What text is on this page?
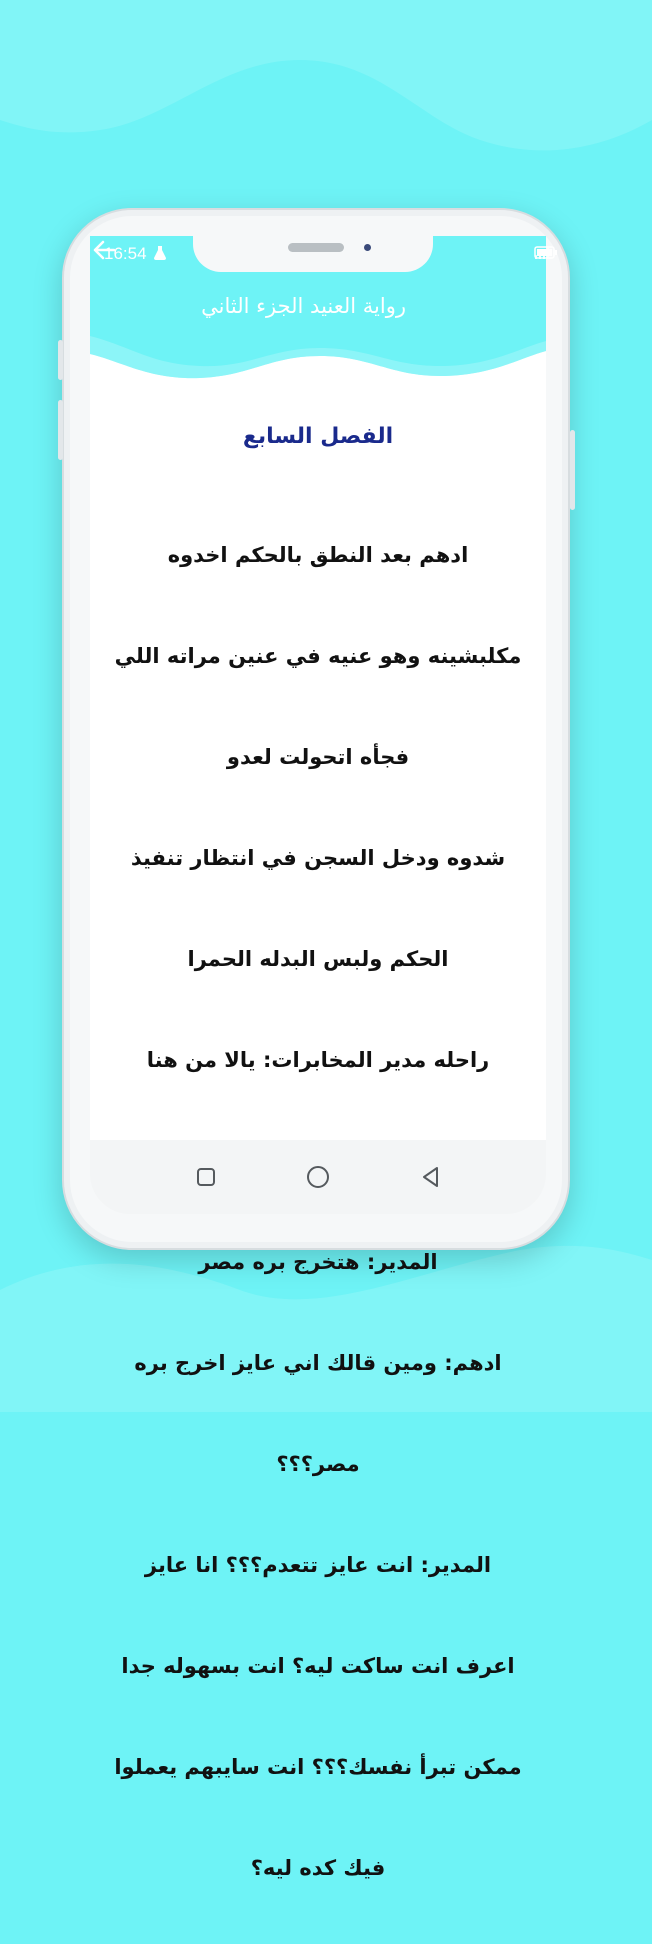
16:54
رواية العنيد الجزء الثاني
الفصل السابع

ادهم بعد النطق بالحكم اخدوه

مكلبشينه وهو عنيه في عنين مراته اللي

فجأه اتحولت لعدو

شدوه ودخل السجن في انتظار تنفيذ

الحكم ولبس البدله الحمرا

راحله مدير المخابرات: يالا من هنا

المدير: هتخرج بره مصر

ادهم: ومين قالك اني عايز اخرج بره

مصر؟؟؟

المدير: انت عايز تتعدم؟؟؟ انا عايز

اعرف انت ساكت ليه؟ انت بسهوله جدا

ممكن تبرأ نفسك؟؟؟ انت سايبهم يعملوا

فيك كده ليه؟
